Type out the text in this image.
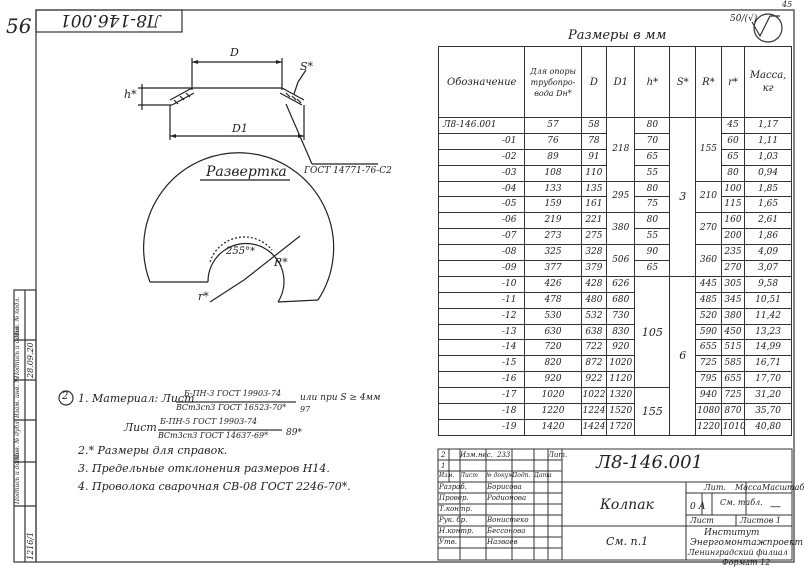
56
45
Л8-146.001	50/(√)
D
S*
h*
D1
ГОСТ 14771-76-С2
Развертка
255°*
R*
r*
Размеры в мм
Обозначение	Для опоры трубопро-вода Dн*	D	D1	h*	S*	R*	r*	Масса, кг
Л8-146.001	57	58	218	80	3	155	45	1,17
-01	76	78		70			60	1,11
-02	89	91		65			65	1,03
-03	108	110		55			80	0,94
-04	133	135	295	80		210	100	1,85
-05	159	161		75			115	1,65
-06	219	221	380	80		270	160	2,61
-07	273	275		55			200	1,86
-08	325	328	506	90		360	235	4,09
-09	377	379		65			270	3,07
-10	426	428	626	105	6	445	305	9,58
-11	478	480	680			485	345	10,51
-12	530	532	730			520	380	11,42
-13	630	638	830			590	450	13,23
-14	720	722	920			655	515	14,99
-15	820	872	1020			725	585	16,71
-16	920	922	1120			795	655	17,70
-17	1020	1022	1320	155		940	725	31,20
-18	1220	1224	1520			1080	870	35,70
-19	1420	1424	1720			1220	1010	40,80
2 1. Материал: Лист
Б-ПН-3 ГОСТ 19903-74
ВСт3сп3 ГОСТ 16523-70*
или при S ≥ 4мм
97
Лист Б-ПН-5 ГОСТ 19903-74
ВСт3сп3 ГОСТ 14637-69* 89*
2.* Размеры для справок.
3. Предельные отклонения размеров Н14.
4. Проволока сварочная СВ-08 ГОСТ 2246-70*.
Л8-146.001
Колпак
См. п.1
Лит. Масса Масштаб
0 А См. табл. —
Лист	Листов 1
Институт
Энергомонтажпроект
Ленинградский филиал
Формат 12
Изм. Лист № докум.
Подп. Дата
Разраб.
Провер.
Т.контр.
Рук. бр.
Н.контр.
Утв.
Борисова
Родионова
Вонистеко
Бессонова
Назваев
2
1
Изм.нес. 233	Лит.
Инв. № подл.
1216/1
Подпись и дата 28.09.20
Взам. инв. №
Инв. № дубл.
Подпись и дата
